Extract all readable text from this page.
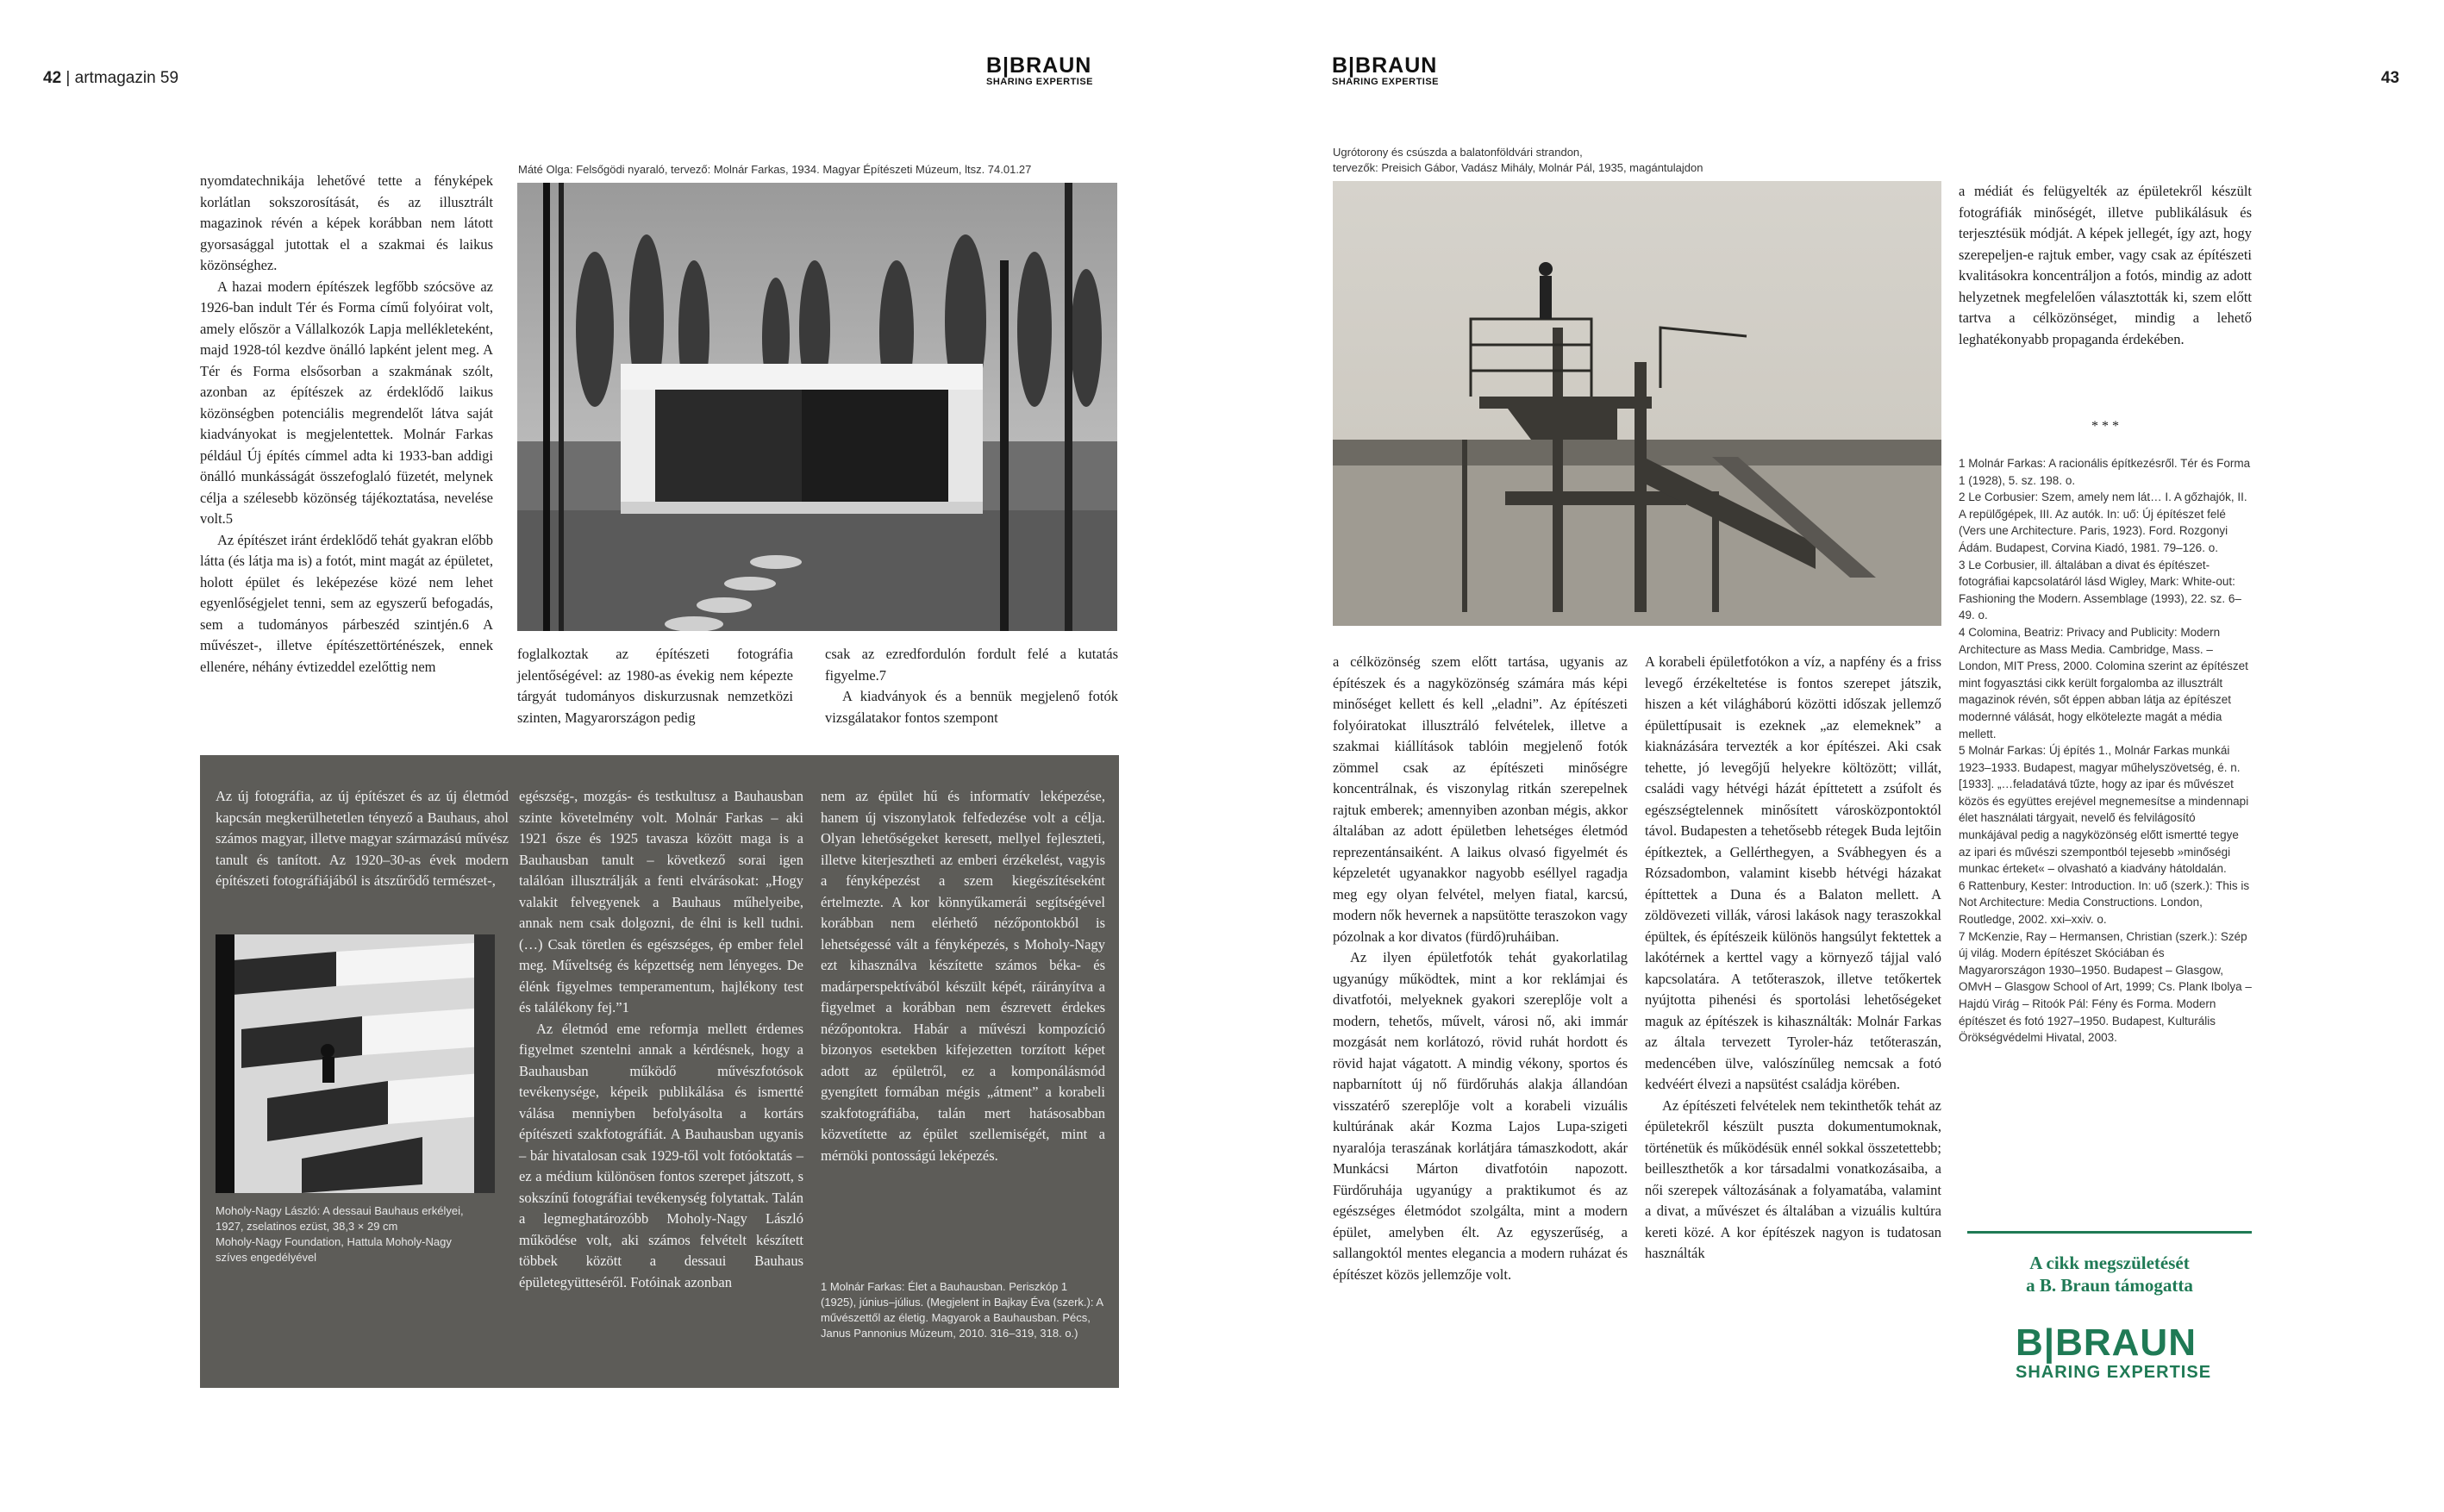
42 | artmagazin 59	43
B|BRAUN
SHARING EXPERTISE
B|BRAUN
SHARING EXPERTISE

nyomdatechnikája lehetővé tette a fényképek korlátlan sokszorosítását, és az illusztrált magazinok révén a képek korábban nem látott gyorsasággal jutottak el a szakmai és laikus közönséghez.

A hazai modern építészek legfőbb szócsöve az 1926-ban indult Tér és Forma című folyóirat volt, amely először a Vállalkozók Lapja mellékleteként, majd 1928-tól kezdve önálló lapként jelent meg. A Tér és Forma elsősorban a szakmának szólt, azonban az építészek az érdeklődő laikus közönségben potenciális megrendelőt látva saját kiadványokat is megjelentettek. Molnár Farkas például Új építés címmel adta ki 1933-ban addigi önálló munkásságát összefoglaló füzetét, melynek célja a szélesebb közönség tájékoztatása, nevelése volt.5

Az építészet iránt érdeklődő tehát gyakran előbb látta (és látja ma is) a fotót, mint magát az épületet, holott épület és leképezése közé nem lehet egyenlőségjelet tenni, sem az egyszerű befogadás, sem a tudományos párbeszéd szintjén.6 A művészet-, illetve építészettörténészek, ennek ellenére, néhány évtizeddel ezelőttig nem

Máté Olga: Felsőgödi nyaraló, tervező: Molnár Farkas, 1934. Magyar Építészeti Múzeum, ltsz. 74.01.27

foglalkoztak az építészeti fotográfia jelentőségével: az 1980-as évekig nem képezte tárgyát tudományos diskurzusnak nemzetközi szinten, Magyarországon pedig

csak az ezredfordulón fordult felé a kutatás figyelme.7

A kiadványok és a bennük megjelenő fotók vizsgálatakor fontos szempont

Az új fotográfia, az új építészet és az új életmód kapcsán megkerülhetetlen tényező a Bauhaus, ahol számos magyar, illetve magyar származású művész tanult és tanított. Az 1920–30-as évek modern építészeti fotográfiájából is átszűrődő természet-,

Moholy-Nagy László: A dessaui Bauhaus erkélyei,
1927, zselatinos ezüst, 38,3 × 29 cm
Moholy-Nagy Foundation, Hattula Moholy-Nagy
szíves engedélyével

egészség-, mozgás- és testkultusz a Bauhausban szinte követelmény volt. Molnár Farkas – aki 1921 ősze és 1925 tavasza között maga is a Bauhausban tanult – következő sorai igen találóan illusztrálják a fenti elvárásokat: „Hogy valakit felvegyenek a Bauhaus műhelyeibe, annak nem csak dolgozni, de élni is kell tudni. (…) Csak töretlen és egészséges, ép ember felel meg. Műveltség és képzettség nem lényeges. De élénk figyelmes temperamentum, hajlékony test és találékony fej.”1

Az életmód eme reformja mellett érdemes figyelmet szentelni annak a kérdésnek, hogy a Bauhausban működő művészfotósok tevékenysége, képeik publikálása és ismertté válása menniyben befolyásolta a kortárs építészeti szakfotográfiát. A Bauhausban ugyanis – bár hivatalosan csak 1929-től volt fotóoktatás – ez a médium különösen fontos szerepet játszott, s sokszínű fotográfiai tevékenység folytattak. Talán a legmeghatározóbb Moholy-Nagy László működése volt, aki számos felvételt készített többek között a dessaui Bauhaus épületegyütteséről. Fotóinak azonban

nem az épület hű és informatív leképezése, hanem új viszonylatok felfedezése volt a célja. Olyan lehetőségeket keresett, mellyel fejleszteti, illetve kiterjesztheti az emberi érzékelést, vagyis a fényképezést a szem kiegészítéseként értelmezte. A kor könnyűkamerái segítségével korábban nem elérhető nézőpontokból is lehetségessé vált a fényképezés, s Moholy-Nagy ezt kihasználva készítette számos béka- és madárperspektívából készült képét, ráirányítva a figyelmet a korábban nem észrevett érdekes nézőpontokra. Habár a művészi kompozíció bizonyos esetekben kifejezetten torzított képet adott az épületről, ez a komponálásmód gyengített formában mégis „átment” a korabeli szakfotográfiába, talán mert hatásosabban közvetítette az épület szellemiségét, mint a mérnöki pontosságú leképezés.

1 Molnár Farkas: Élet a Bauhausban. Periszkóp 1 (1925), június–július. (Megjelent in Bajkay Éva (szerk.): A művészettől az életig. Magyarok a Bauhausban. Pécs, Janus Pannonius Múzeum, 2010. 316–319, 318. o.)
Ugrótorony és csúszda a balatonföldvári strandon,
tervezők: Preisich Gábor, Vadász Mihály, Molnár Pál, 1935, magántulajdon

a célközönség szem előtt tartása, ugyanis az építészek és a nagyközönség számára más képi minőséget kellett és kell „eladni”. Az építészeti folyóiratokat illusztráló felvételek, illetve a szakmai kiállítások tablóin megjelenő fotók zömmel csak az építészeti minőségre koncentrálnak, és viszonylag ritkán szerepelnek rajtuk emberek; amennyiben azonban mégis, akkor általában az adott épületben lehetséges életmód reprezentánsaiként. A laikus olvasó figyelmét és képzeletét ugyanakkor nagyobb eséllyel ragadja meg egy olyan felvétel, melyen fiatal, karcsú, modern nők hevernek a napsütötte teraszokon vagy pózolnak a kor divatos (fürdő)ruháiban.

Az ilyen épületfotók tehát gyakorlatilag ugyanúgy működtek, mint a kor reklámjai és divatfotói, melyeknek gyakori szereplője volt a modern, tehetős, művelt, városi nő, aki immár mozgását nem korlátozó, rövid ruhát hordott és rövid hajat vágatott. A mindig vékony, sportos és napbarnított új nő fürdőruhás alakja állandóan visszatérő szereplője volt a korabeli vizuális kultúrának akár Kozma Lajos Lupa-szigeti nyaralója teraszának korlátjára támaszkodott, akár Munkácsi Márton divatfotóin napozott. Fürdőruhája ugyanúgy a praktikumot és az egészséges életmódot szolgálta, mint a modern épület, amelyben élt. Az egyszerűség, a sallangoktól mentes elegancia a modern ruházat és építészet közös jellemzője volt.

A korabeli épületfotókon a víz, a napfény és a friss levegő érzékeltetése is fontos szerepet játszik, hiszen a két világháború közötti időszak jellemző épülettípusait is ezeknek „az elemeknek” a kiaknázására tervezték a kor építészei. Aki csak tehette, jó levegőjű helyekre költözött; villát, családi vagy hétvégi házát építtetett a zsúfolt és egészségtelennek minősített városközpontoktól távol. Budapesten a tehetősebb rétegek Buda lejtőin építkeztek, a Gellérthegyen, a Svábhegyen és a Rózsadombon, valamint kisebb hétvégi házakat építtettek a Duna és a Balaton mellett. A zöldövezeti villák, városi lakások nagy teraszokkal épültek, és építészeik különös hangsúlyt fektettek a lakótérnek a kerttel vagy a környező tájjal való kapcsolatára. A tetőteraszok, illetve tetőkertek nyújtotta pihenési és sportolási lehetőségeket maguk az építészek is kihasználták: Molnár Farkas az általa tervezett Tyroler-ház tetőteraszán, medencében ülve, valószínűleg nemcsak a fotó kedvéért élvezi a napsütést családja körében.

Az építészeti felvételek nem tekinthetők tehát az épületekről készült puszta dokumentumoknak, történetük és működésük ennél sokkal összetettebb; beilleszthetők a kor társadalmi vonatkozásaiba, a női szerepek változásának a folyamatába, valamint a divat, a művészet és általában a vizuális kultúra kereti közé. A kor építészek nagyon is tudatosan használták

a médiát és felügyelték az épületekről készült fotográfiák minőségét, illetve publikálásuk és terjesztésük módját. A képek jellegét, így azt, hogy szerepeljen-e rajtuk ember, vagy csak az építészeti kvalitásokra koncentráljon a fotós, mindig az adott helyzetnek megfelelően választották ki, szem előtt tartva a célközönséget, mindig a lehető leghatékonyabb propaganda érdekében.

* * *
1 Molnár Farkas: A racionális építkezésről. Tér és Forma 1 (1928), 5. sz. 198. o.
2 Le Corbusier: Szem, amely nem lát… I. A gőzhajók, II. A repülőgépek, III. Az autók. In: uő: Új építészet felé (Vers une Architecture. Paris, 1923). Ford. Rozgonyi Ádám. Budapest, Corvina Kiadó, 1981. 79–126. o.
3 Le Corbusier, ill. általában a divat és építészet-fotográfiai kapcsolatáról lásd Wigley, Mark: White-out: Fashioning the Modern. Assemblage (1993), 22. sz. 6–49. o.
4 Colomina, Beatriz: Privacy and Publicity: Modern Architecture as Mass Media. Cambridge, Mass. – London, MIT Press, 2000. Colomina szerint az építészet mint fogyasztási cikk került forgalomba az illusztrált magazinok révén, sőt éppen abban látja az építészet modernné válását, hogy elkötelezte magát a média mellett.
5 Molnár Farkas: Új építés 1., Molnár Farkas munkái 1923–1933. Budapest, magyar műhelyszövetség, é. n. [1933]. „…feladatává tűzte, hogy az ipar és művészet közös és együttes erejével megnemesítse a mindennapi élet használati tárgyait, nevelő és felvilágosító munkájával pedig a nagyközönség előtt ismertté tegye az ipari és művészi szempontból tejesebb »minőségi munkac érteket« – olvasható a kiadvány hátoldalán.
6 Rattenbury, Kester: Introduction. In: uő (szerk.): This is Not Architecture: Media Constructions. London, Routledge, 2002. xxi–xxiv. o.
7 McKenzie, Ray – Hermansen, Christian (szerk.): Szép új világ. Modern építészet Skóciában és Magyarországon 1930–1950. Budapest – Glasgow, OMvH – Glasgow School of Art, 1999; Cs. Plank Ibolya – Hajdú Virág – Ritoók Pál: Fény és Forma. Modern építészet és fotó 1927–1950. Budapest, Kulturális Örökségvédelmi Hivatal, 2003.
A cikk megszületését
a B. Braun támogatta
B|BRAUN
SHARING EXPERTISE
